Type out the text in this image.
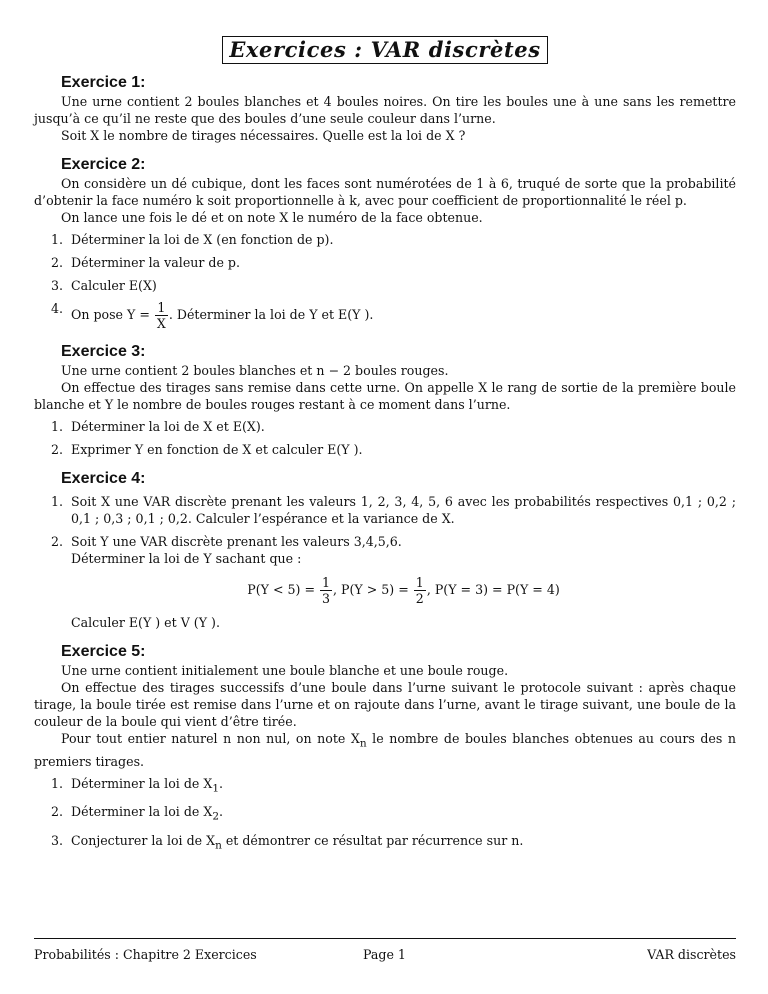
Exercices : VAR discrètes
Exercice 1:

Une urne contient 2 boules blanches et 4 boules noires. On tire les boules une à une sans les remettre jusqu’à ce qu’il ne reste que des boules d’une seule couleur dans l’urne.

Soit X le nombre de tirages nécessaires. Quelle est la loi de X ?

Exercice 2:

On considère un dé cubique, dont les faces sont numérotées de 1 à 6, truqué de sorte que la probabilité d’obtenir la face numéro k soit proportionnelle à k, avec pour coefficient de proportionnalité le réel p.

On lance une fois le dé et on note X le numéro de la face obtenue.

1. Déterminer la loi de X (en fonction de p).
2. Déterminer la valeur de p.
3. Calculer E(X)
4. On pose $Y = \frac{1}{X}$ . Déterminer la loi de Y et E(Y ).
Exercice 3:

Une urne contient 2 boules blanches et n − 2 boules rouges.

On effectue des tirages sans remise dans cette urne. On appelle X le rang de sortie de la première boule blanche et Y le nombre de boules rouges restant à ce moment dans l’urne.

1. Déterminer la loi de X et E(X).
2. Exprimer Y en fonction de X et calculer E(Y ).
Exercice 4:
1. Soit X une VAR discrète prenant les valeurs 1, 2, 3, 4, 5, 6 avec les probabilités respectives 0,1 ; 0,2 ; 0,1 ; 0,3 ; 0,1 ; 0,2. Calculer l’espérance et la variance de X.
2. Soit Y une VAR discrète prenant les valeurs 3,4,5,6.
Déterminer la loi de Y sachant que :
$P(Y < 5) = \frac{1}{3}$ , $P(Y > 5) = \frac{1}{2}$ , P(Y = 3) = P(Y = 4)
Calculer E(Y ) et V (Y ).
Exercice 5:

Une urne contient initialement une boule blanche et une boule rouge.

On effectue des tirages successifs d’une boule dans l’urne suivant le protocole suivant : après chaque tirage, la boule tirée est remise dans l’urne et on rajoute dans l’urne, avant le tirage suivant, une boule de la couleur de la boule qui vient d’être tirée.

Pour tout entier naturel n non nul, on note $X_n$ le nombre de boules blanches obtenues au cours des n premiers tirages.

1. Déterminer la loi de $X_1$.
2. Déterminer la loi de $X_2$.
3. Conjecturer la loi de $X_n$ et démontrer ce résultat par récurrence sur n.
Probabilités : Chapitre 2 Exercices	Page 1	VAR discrètes
